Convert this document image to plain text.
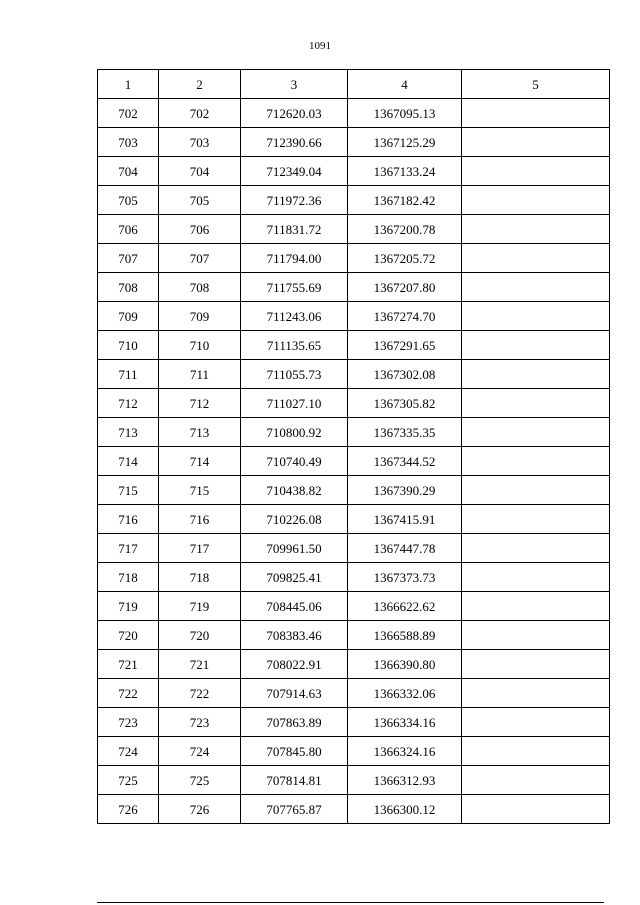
1091
1	2	3	4	5
702	702	712620.03	1367095.13	
703	703	712390.66	1367125.29	
704	704	712349.04	1367133.24	
705	705	711972.36	1367182.42	
706	706	711831.72	1367200.78	
707	707	711794.00	1367205.72	
708	708	711755.69	1367207.80	
709	709	711243.06	1367274.70	
710	710	711135.65	1367291.65	
711	711	711055.73	1367302.08	
712	712	711027.10	1367305.82	
713	713	710800.92	1367335.35	
714	714	710740.49	1367344.52	
715	715	710438.82	1367390.29	
716	716	710226.08	1367415.91	
717	717	709961.50	1367447.78	
718	718	709825.41	1367373.73	
719	719	708445.06	1366622.62	
720	720	708383.46	1366588.89	
721	721	708022.91	1366390.80	
722	722	707914.63	1366332.06	
723	723	707863.89	1366334.16	
724	724	707845.80	1366324.16	
725	725	707814.81	1366312.93	
726	726	707765.87	1366300.12	
